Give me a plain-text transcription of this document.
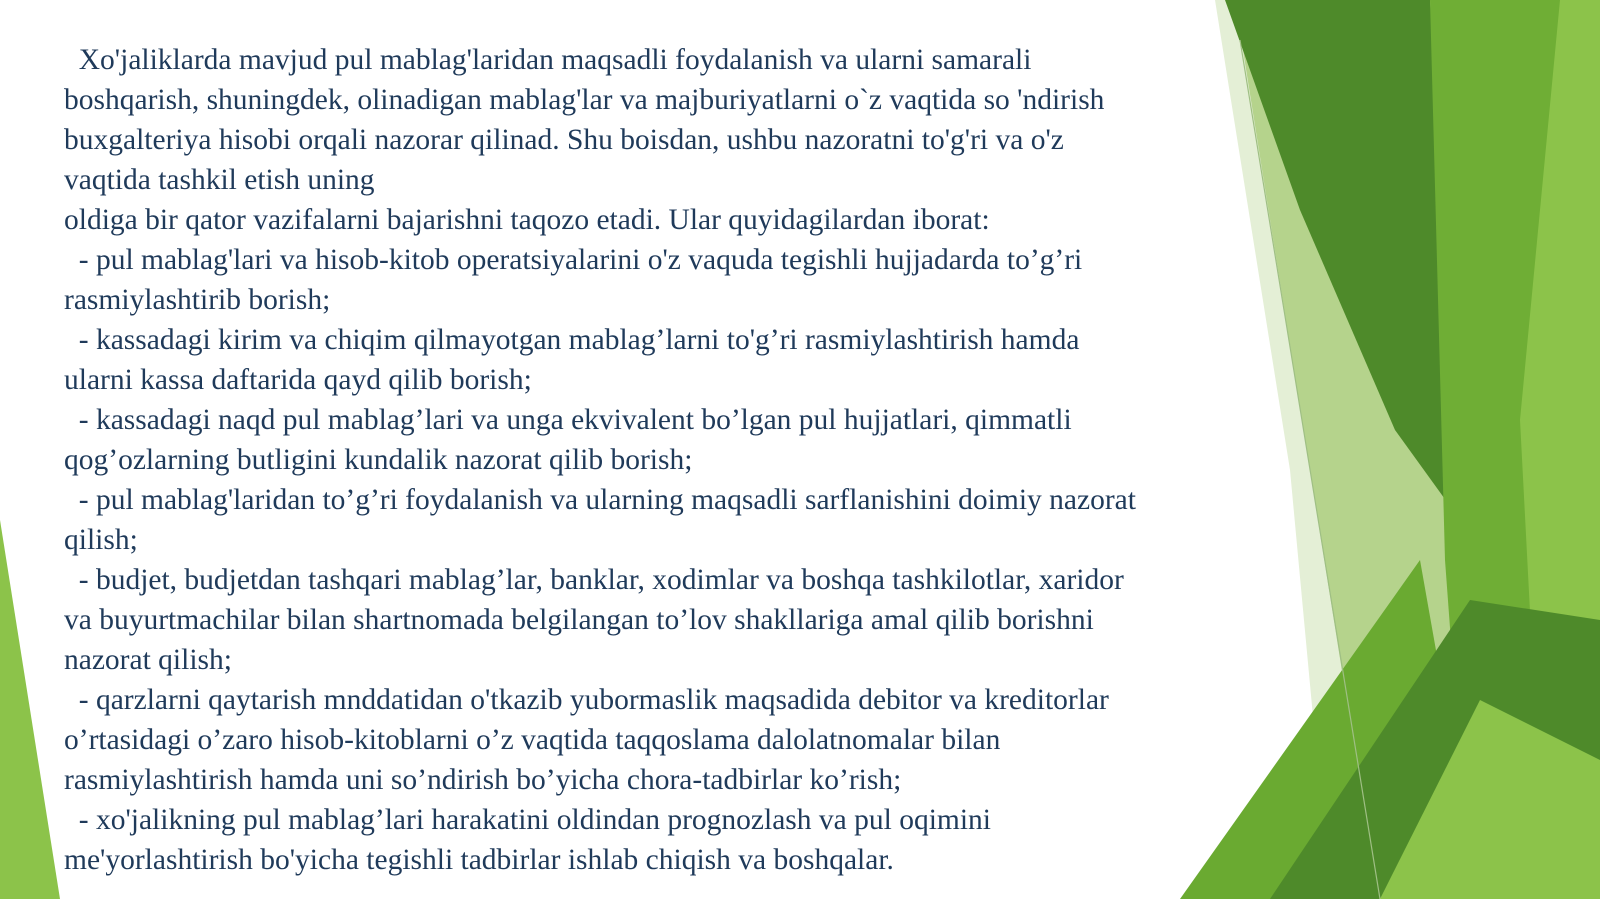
Xo'jaliklarda mavjud pul mablag'laridan maqsadli foydalanish va ularni samarali
boshqarish, shuningdek, olinadigan mablag'lar va majburiyatlarni o`z vaqtida so 'ndirish
buxgalteriya hisobi orqali nazorar qilinad. Shu boisdan, ushbu nazoratni to'g'ri va o'z
vaqtida tashkil etish uning
oldiga bir qator vazifalarni bajarishni taqozo etadi. Ular quyidagilardan iborat:
- pul mablag'lari va hisob-kitob operatsiyalarini o'z vaquda tegishli hujjadarda to’g’ri
rasmiylashtirib borish;
- kassadagi kirim va chiqim qilmayotgan mablag’larni to'g’ri rasmiylashtirish hamda
ularni kassa daftarida qayd qilib borish;
- kassadagi naqd pul mablag’lari va unga ekvivalent bo’lgan pul hujjatlari, qimmatli
qog’ozlarning butligini kundalik nazorat qilib borish;
- pul mablag'laridan to’g’ri foydalanish va ularning maqsadli sarflanishini doimiy nazorat
qilish;
- budjet, budjetdan tashqari mablag’lar, banklar, xodimlar va boshqa tashkilotlar, xaridor
va buyurtmachilar bilan shartnomada belgilangan to’lov shakllariga amal qilib borishni
nazorat qilish;
- qarzlarni qaytarish mnddatidan o'tkazib yubormaslik maqsadida debitor va kreditorlar
o’rtasidagi o’zaro hisob-kitoblarni o’z vaqtida taqqoslama dalolatnomalar bilan
rasmiylashtirish hamda uni so’ndirish bo’yicha chora-tadbirlar ko’rish;
- xo'jalikning pul mablag’lari harakatini oldindan prognozlash va pul oqimini
me'yorlashtirish bo'yicha tegishli tadbirlar ishlab chiqish va boshqalar.
